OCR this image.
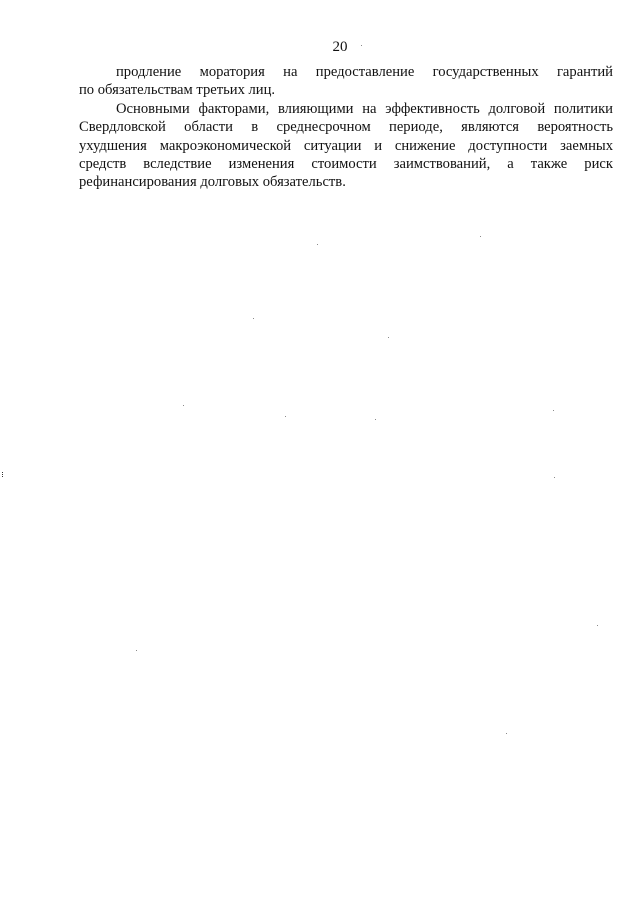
20

продление моратория на предоставление государственных гарантий
по обязательствам третьих лиц.

Основными факторами, влияющими на эффективность долговой политики
Свердловской области в среднесрочном периоде, являются вероятность
ухудшения макроэкономической ситуации и снижение доступности заемных
средств вследствие изменения стоимости заимствований, а также риск
рефинансирования долговых обязательств.
